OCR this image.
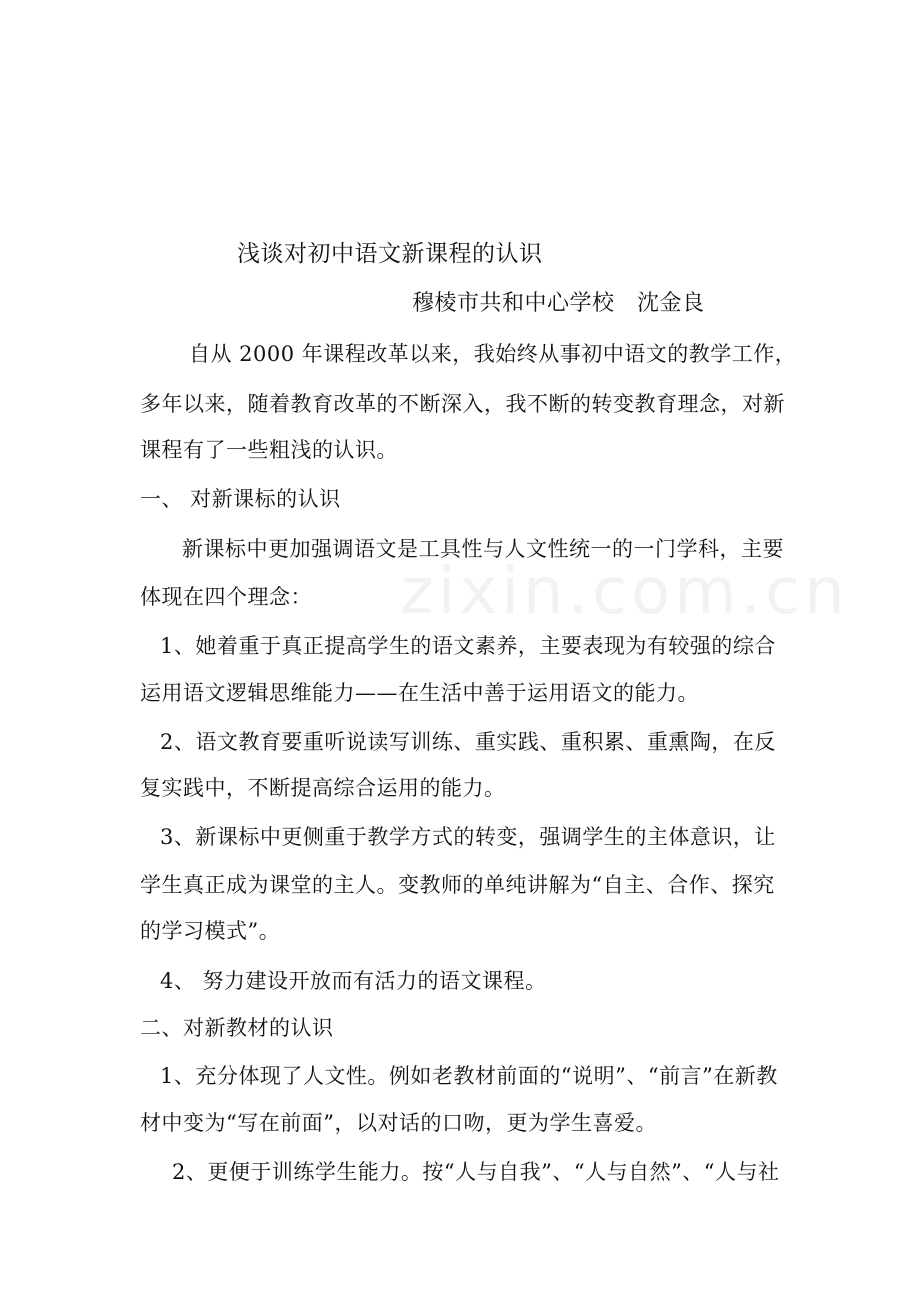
zixin.com.cn
浅谈对初中语文新课程的认识
穆棱市共和中心学校　沈金良
自从 2000 年课程改革以来，我始终从事初中语文的教学工作，
多年以来，随着教育改革的不断深入，我不断的转变教育理念，对新
课程有了一些粗浅的认识。
一、 对新课标的认识
新课标中更加强调语文是工具性与人文性统一的一门学科，主要
体现在四个理念：
1、她着重于真正提高学生的语文素养，主要表现为有较强的综合
运用语文逻辑思维能力——在生活中善于运用语文的能力。
2、语文教育要重听说读写训练、重实践、重积累、重熏陶，在反
复实践中，不断提高综合运用的能力。
3、新课标中更侧重于教学方式的转变，强调学生的主体意识，让
学生真正成为课堂的主人。变教师的单纯讲解为“自主、合作、探究
的学习模式”。
4、 努力建设开放而有活力的语文课程。
二、对新教材的认识
1、充分体现了人文性。例如老教材前面的“说明”、“前言”在新教
材中变为“写在前面”，以对话的口吻，更为学生喜爱。
2、更便于训练学生能力。按“人与自我”、“人与自然”、“人与社
